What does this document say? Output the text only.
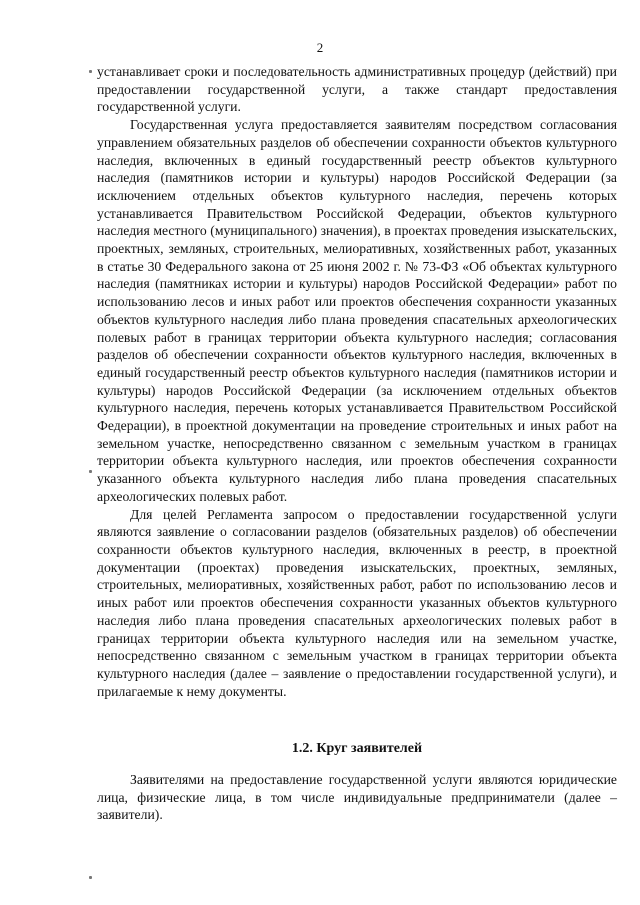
2

устанавливает сроки и последовательность административных процедур (действий) при предоставлении государственной услуги, а также стандарт предоставления государственной услуги.

Государственная услуга предоставляется заявителям посредством согласования управлением обязательных разделов об обеспечении сохранности объектов культурного наследия, включенных в единый государственный реестр объектов культурного наследия (памятников истории и культуры) народов Российской Федерации (за исключением отдельных объектов культурного наследия, перечень которых устанавливается Правительством Российской Федерации, объектов культурного наследия местного (муниципального) значения), в проектах проведения изыскательских, проектных, земляных, строительных, мелиоративных, хозяйственных работ, указанных в статье 30 Федерального закона от 25 июня 2002 г. № 73-ФЗ «Об объектах культурного наследия (памятниках истории и культуры) народов Российской Федерации» работ по использованию лесов и иных работ или проектов обеспечения сохранности указанных объектов культурного наследия либо плана проведения спасательных археологических полевых работ в границах территории объекта культурного наследия; согласования разделов об обеспечении сохранности объектов культурного наследия, включенных в единый государственный реестр объектов культурного наследия (памятников истории и культуры) народов Российской Федерации (за исключением отдельных объектов культурного наследия, перечень которых устанавливается Правительством Российской Федерации), в проектной документации на проведение строительных и иных работ на земельном участке, непосредственно связанном с земельным участком в границах территории объекта культурного наследия, или проектов обеспечения сохранности указанного объекта культурного наследия либо плана проведения спасательных археологических полевых работ.

Для целей Регламента запросом о предоставлении государственной услуги являются заявление о согласовании разделов (обязательных разделов) об обеспечении сохранности объектов культурного наследия, включенных в реестр, в проектной документации (проектах) проведения изыскательских, проектных, земляных, строительных, мелиоративных, хозяйственных работ, работ по использованию лесов и иных работ или проектов обеспечения сохранности указанных объектов культурного наследия либо плана проведения спасательных археологических полевых работ в границах территории объекта культурного наследия или на земельном участке, непосредственно связанном с земельным участком в границах территории объекта культурного наследия (далее – заявление о предоставлении государственной услуги), и прилагаемые к нему документы.

1.2. Круг заявителей

Заявителями на предоставление государственной услуги являются юридические лица, физические лица, в том числе индивидуальные предприниматели (далее – заявители).
